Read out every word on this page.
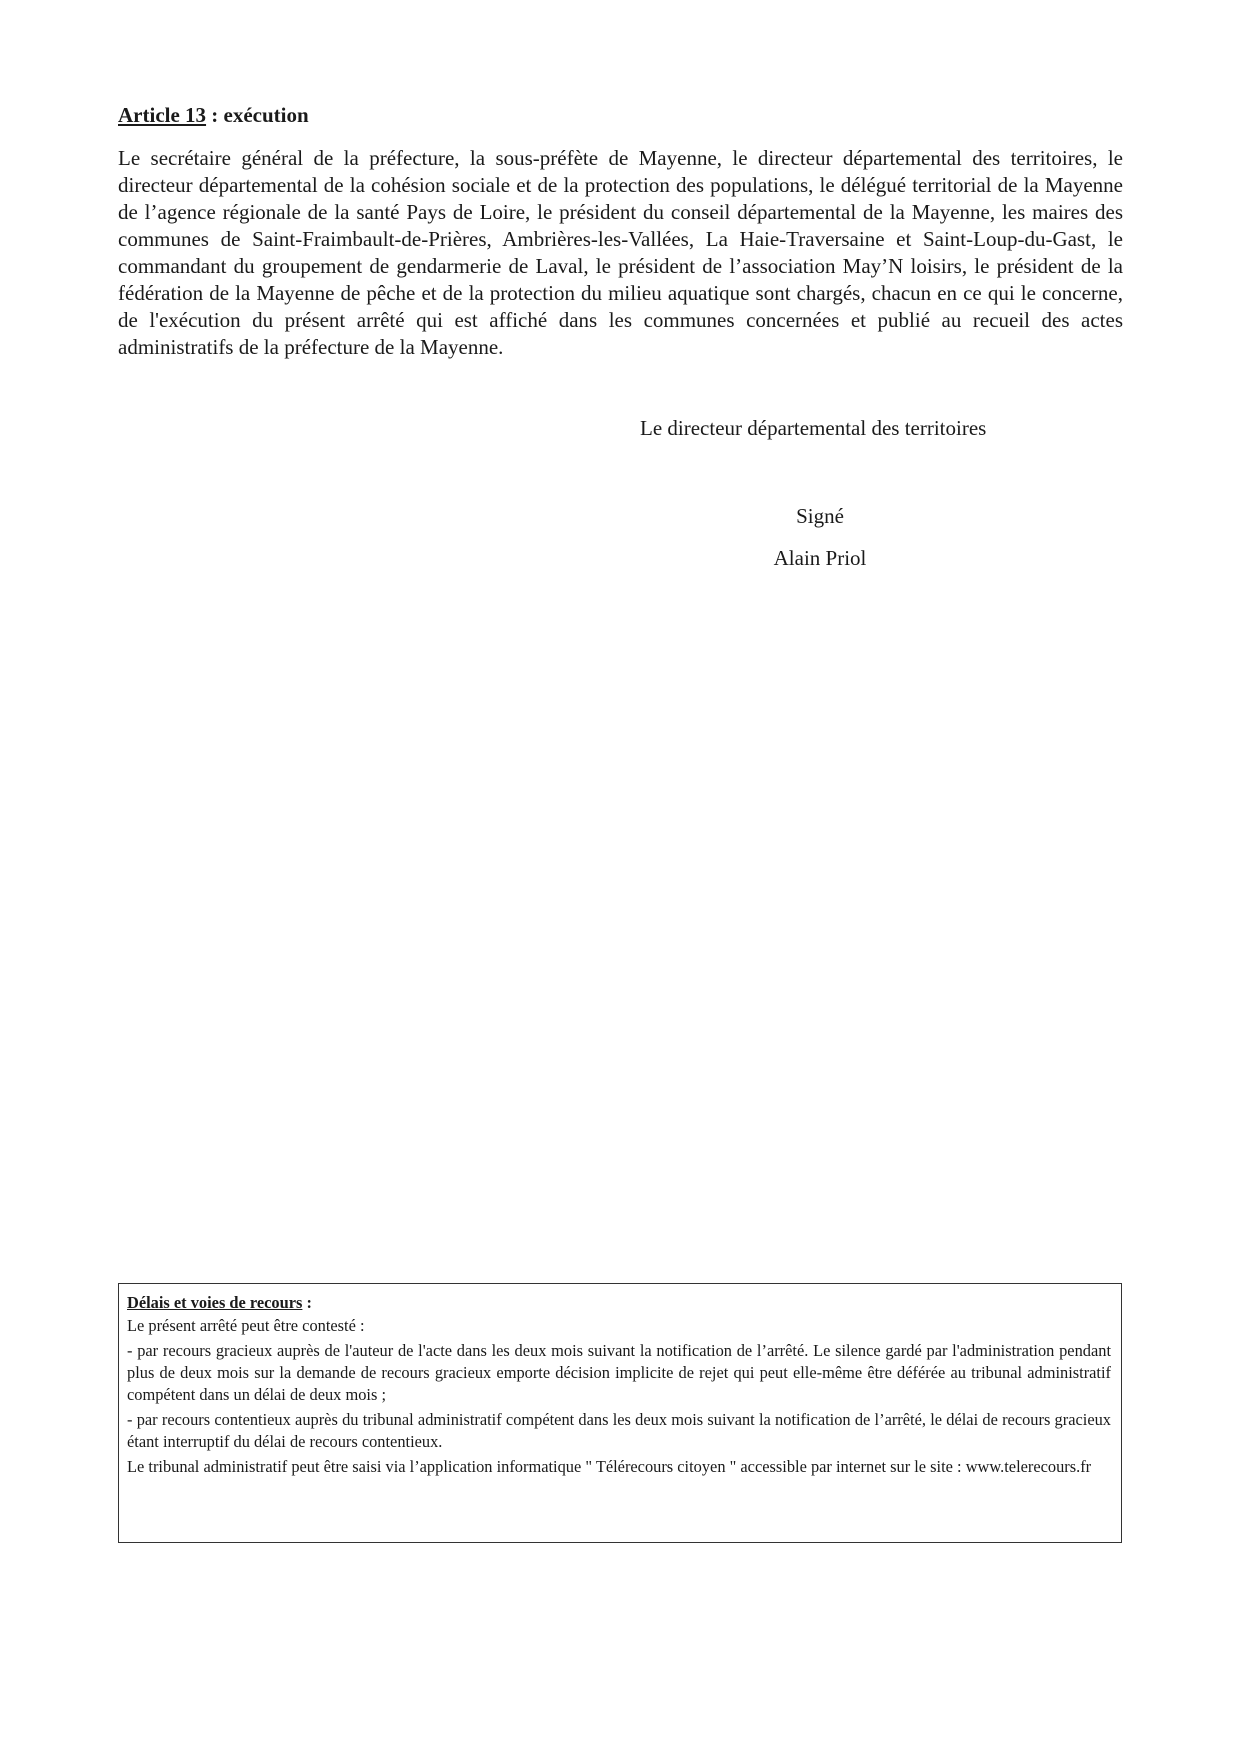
Article 13 : exécution

Le secrétaire général de la préfecture, la sous-préfète de Mayenne, le directeur départemental des territoires, le directeur départemental de la cohésion sociale et de la protection des populations, le délégué territorial de la Mayenne de l’agence régionale de la santé Pays de Loire, le président du conseil départemental de la Mayenne, les maires des communes de Saint-Fraimbault-de-Prières, Ambrières-les-Vallées, La Haie-Traversaine et Saint-Loup-du-Gast, le commandant du groupement de gendarmerie de Laval, le président de l’association May’N loisirs, le président de la fédération de la Mayenne de pêche et de la protection du milieu aquatique sont chargés, chacun en ce qui le concerne, de l'exécution du présent arrêté qui est affiché dans les communes concernées et publié au recueil des actes administratifs de la préfecture de la Mayenne.

Le directeur départemental des territoires

Signé

Alain Priol

Délais et voies de recours :

Le présent arrêté peut être contesté :

- par recours gracieux auprès de l'auteur de l'acte dans les deux mois suivant la notification de l’arrêté. Le silence gardé par l'administration pendant plus de deux mois sur la demande de recours gracieux emporte décision implicite de rejet qui peut elle-même être déférée au tribunal administratif compétent dans un délai de deux mois ;

- par recours contentieux auprès du tribunal administratif compétent dans les deux mois suivant la notification de l’arrêté, le délai de recours gracieux étant interruptif du délai de recours contentieux.

Le tribunal administratif peut être saisi via l’application informatique " Télérecours citoyen " accessible par internet sur le site : www.telerecours.fr
